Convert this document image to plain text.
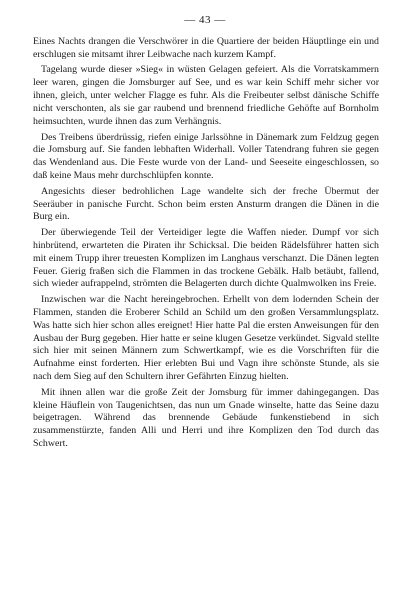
— 43 —

Eines Nachts drangen die Verschwörer in die Quartiere der beiden Häuptlinge ein und erschlugen sie mitsamt ihrer Leibwache nach kurzem Kampf.

Tagelang wurde dieser »Sieg« in wüsten Gelagen gefeiert. Als die Vorratskammern leer waren, gingen die Jomsburger auf See, und es war kein Schiff mehr sicher vor ihnen, gleich, unter welcher Flagge es fuhr. Als die Freibeuter selbst dänische Schiffe nicht verschonten, als sie gar raubend und brennend friedliche Gehöfte auf Bornholm heimsuchten, wurde ihnen das zum Verhängnis.

Des Treibens überdrüssig, riefen einige Jarlssöhne in Dänemark zum Feldzug gegen die Jomsburg auf. Sie fanden lebhaften Widerhall. Voller Tatendrang fuhren sie gegen das Wendenland aus. Die Feste wurde von der Land- und Seeseite eingeschlossen, so daß keine Maus mehr durchschlüpfen konnte.

Angesichts dieser bedrohlichen Lage wandelte sich der freche Übermut der Seeräuber in panische Furcht. Schon beim ersten Ansturm drangen die Dänen in die Burg ein.

Der überwiegende Teil der Verteidiger legte die Waffen nieder. Dumpf vor sich hinbrütend, erwarteten die Piraten ihr Schicksal. Die beiden Rädelsführer hatten sich mit einem Trupp ihrer treuesten Komplizen im Langhaus verschanzt. Die Dänen legten Feuer. Gierig fraßen sich die Flammen in das trockene Gebälk. Halb betäubt, fallend, sich wieder aufrappelnd, strömten die Belagerten durch dichte Qualmwolken ins Freie.

Inzwischen war die Nacht hereingebrochen. Erhellt von dem lodernden Schein der Flammen, standen die Eroberer Schild an Schild um den großen Versammlungsplatz. Was hatte sich hier schon alles ereignet! Hier hatte Pal die ersten Anweisungen für den Ausbau der Burg gegeben. Hier hatte er seine klugen Gesetze verkündet. Sigvald stellte sich hier mit seinen Männern zum Schwertkampf, wie es die Vorschriften für die Aufnahme einst forderten. Hier erlebten Bui und Vagn ihre schönste Stunde, als sie nach dem Sieg auf den Schultern ihrer Gefährten Einzug hielten.

Mit ihnen allen war die große Zeit der Jomsburg für immer dahingegangen. Das kleine Häuflein von Taugenichtsen, das nun um Gnade winselte, hatte das Seine dazu beigetragen. Während das brennende Gebäude funkenstiebend in sich zusammenstürzte, fanden Alli und Herri und ihre Komplizen den Tod durch das Schwert.
